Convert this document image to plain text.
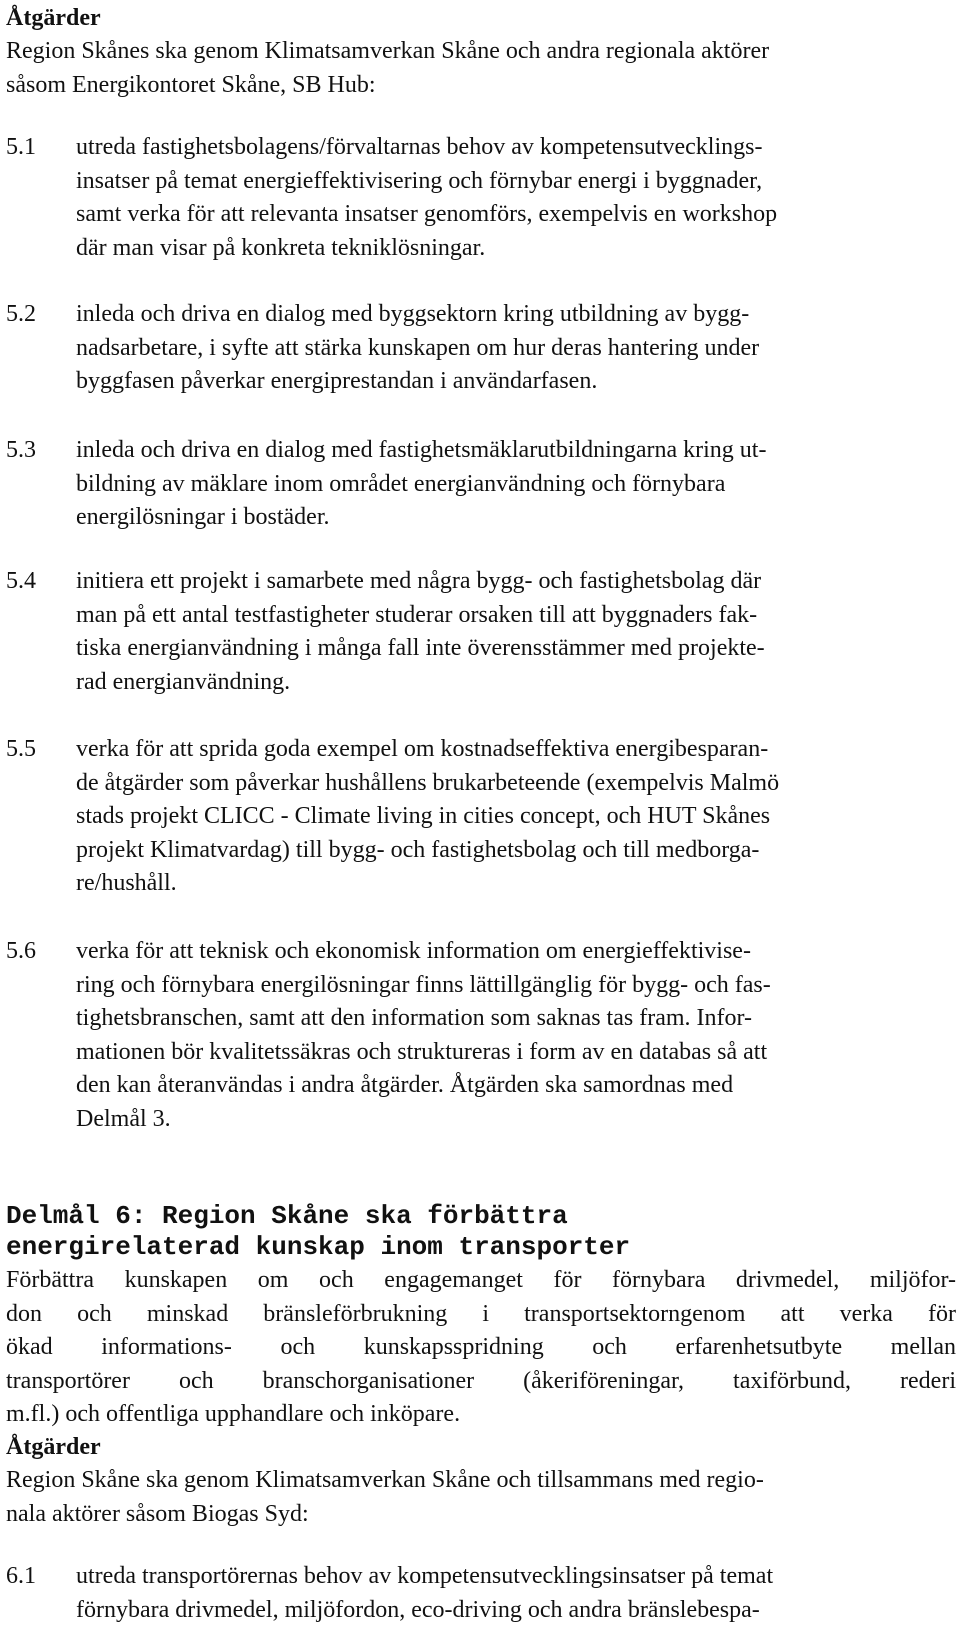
Åtgärder
Region Skånes ska genom Klimatsamverkan Skåne och andra regionala aktörer
såsom Energikontoret Skåne, SB Hub:
5.1	utreda fastighetsbolagens/förvaltarnas behov av kompetensutvecklings-
insatser på temat energieffektivisering och förnybar energi i byggnader,
samt verka för att relevanta insatser genomförs, exempelvis en workshop
där man visar på konkreta tekniklösningar.
5.2	inleda och driva en dialog med byggsektorn kring utbildning av bygg-
nadsarbetare, i syfte att stärka kunskapen om hur deras hantering under
byggfasen påverkar energiprestandan i användarfasen.
5.3	inleda och driva en dialog med fastighetsmäklarutbildningarna kring ut-
bildning av mäklare inom området energianvändning och förnybara
energilösningar i bostäder.
5.4	initiera ett projekt i samarbete med några bygg- och fastighetsbolag där
man på ett antal testfastigheter studerar orsaken till att byggnaders fak-
tiska energianvändning i många fall inte överensstämmer med projekte-
rad energianvändning.
5.5	verka för att sprida goda exempel om kostnadseffektiva energibesparan-
de åtgärder som påverkar hushållens brukarbeteende (exempelvis Malmö
stads projekt CLICC - Climate living in cities concept, och HUT Skånes
projekt Klimatvardag) till bygg- och fastighetsbolag och till medborga-
re/hushåll.
5.6	verka för att teknisk och ekonomisk information om energieffektivise-
ring och förnybara energilösningar finns lättillgänglig för bygg- och fas-
tighetsbranschen, samt att den information som saknas tas fram. Infor-
mationen bör kvalitetssäkras och struktureras i form av en databas så att
den kan återanvändas i andra åtgärder. Åtgärden ska samordnas med
Delmål 3.
Delmål 6: Region Skåne ska förbättra
energirelaterad kunskap inom transporter
Förbättra kunskapen om och engagemanget för förnybara drivmedel, miljöfor-
don och minskad bränsleförbrukning i transportsektorngenom att verka för
ökad informations- och kunskapsspridning och erfarenhetsutbyte mellan
transportörer och branschorganisationer (åkeriföreningar, taxiförbund, rederi
m.fl.) och offentliga upphandlare och inköpare.
Åtgärder
Region Skåne ska genom Klimatsamverkan Skåne och tillsammans med regio-
nala aktörer såsom Biogas Syd:
6.1	utreda transportörernas behov av kompetensutvecklingsinsatser på temat
förnybara drivmedel, miljöfordon, eco-driving och andra bränslebespa-
